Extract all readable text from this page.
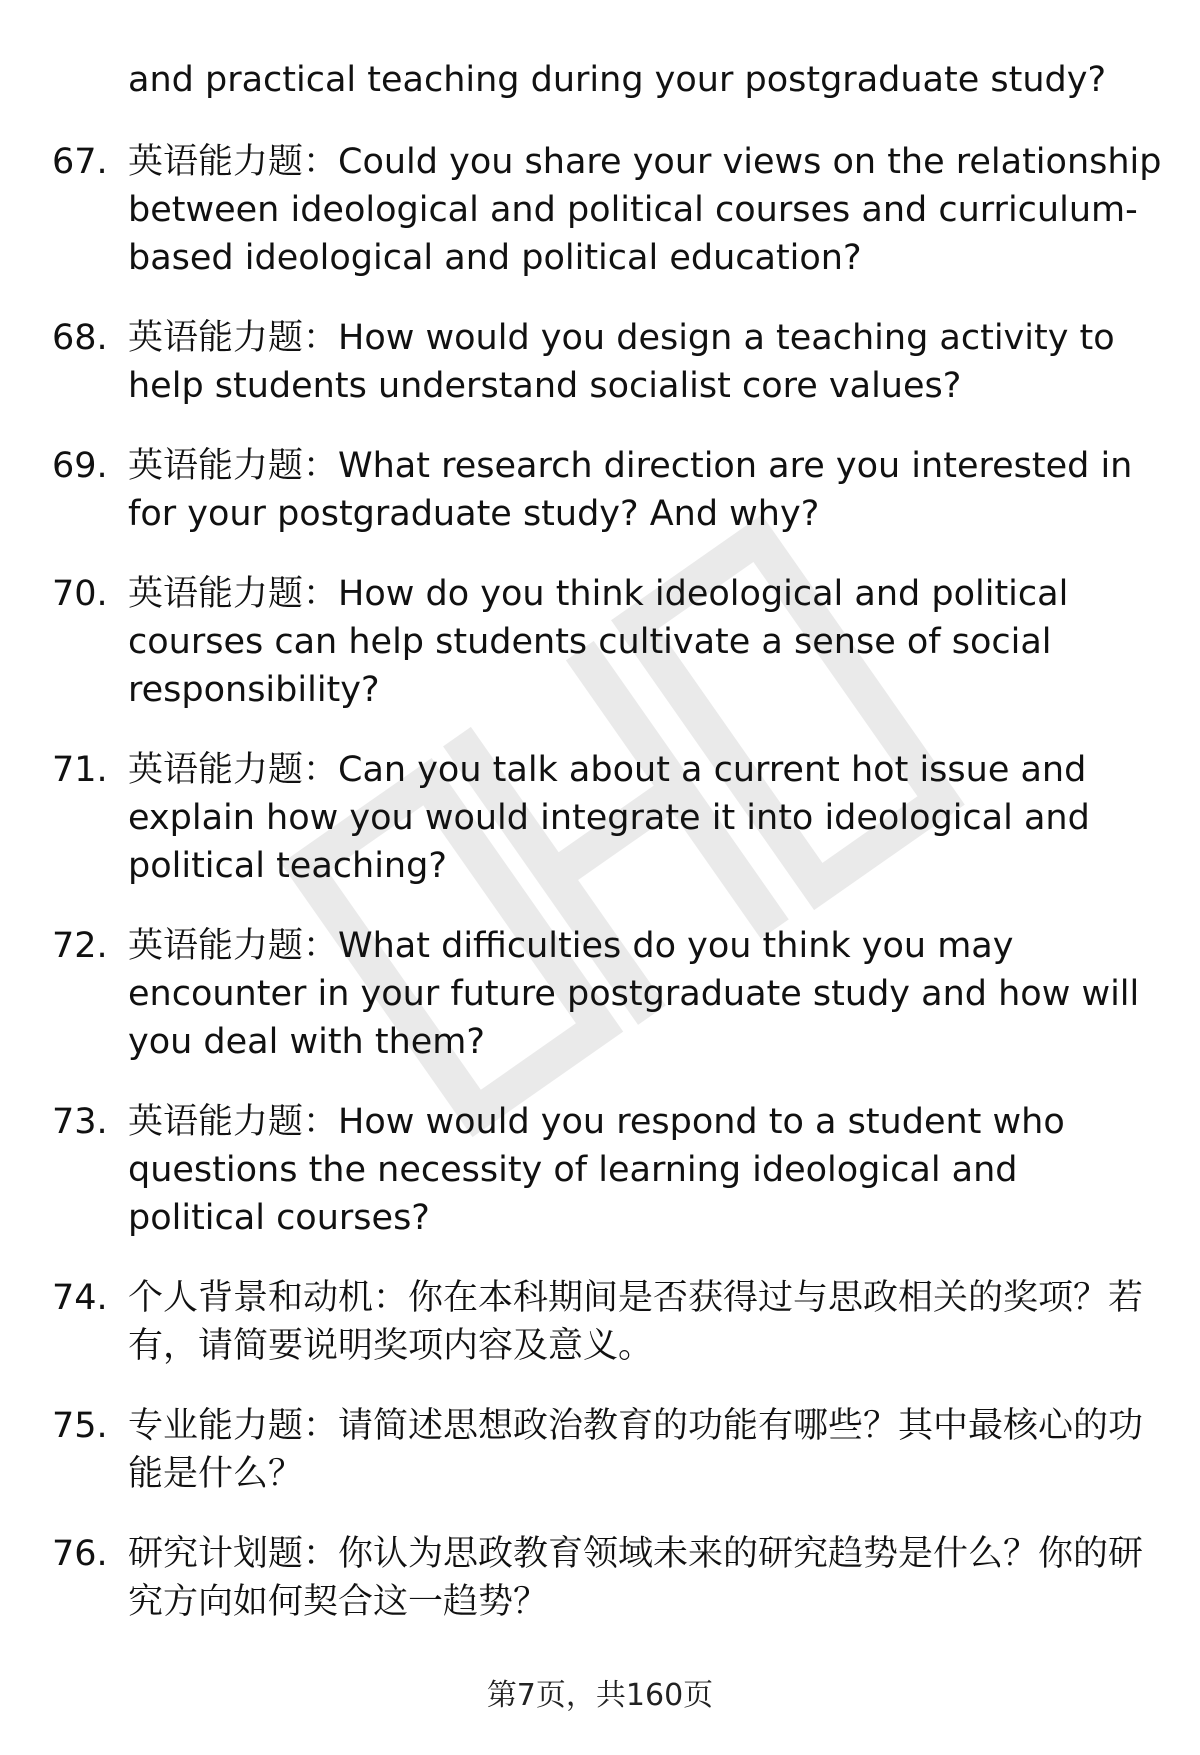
and practical teaching during your postgraduate study?
67. 英语能力题：Could you share your views on the relationship between ideological and political courses and curriculum-based ideological and political education?
68. 英语能力题：How would you design a teaching activity to help students understand socialist core values?
69. 英语能力题：What research direction are you interested in for your postgraduate study? And why?
70. 英语能力题：How do you think ideological and political courses can help students cultivate a sense of social responsibility?
71. 英语能力题：Can you talk about a current hot issue and explain how you would integrate it into ideological and political teaching?
72. 英语能力题：What difficulties do you think you may encounter in your future postgraduate study and how will you deal with them?
73. 英语能力题：How would you respond to a student who questions the necessity of learning ideological and political courses?
74. 个人背景和动机：你在本科期间是否获得过与思政相关的奖项？若有，请简要说明奖项内容及意义。
75. 专业能力题：请简述思想政治教育的功能有哪些？其中最核心的功能是什么？
76. 研究计划题：你认为思政教育领域未来的研究趋势是什么？你的研究方向如何契合这一趋势？
第7页，共160页
